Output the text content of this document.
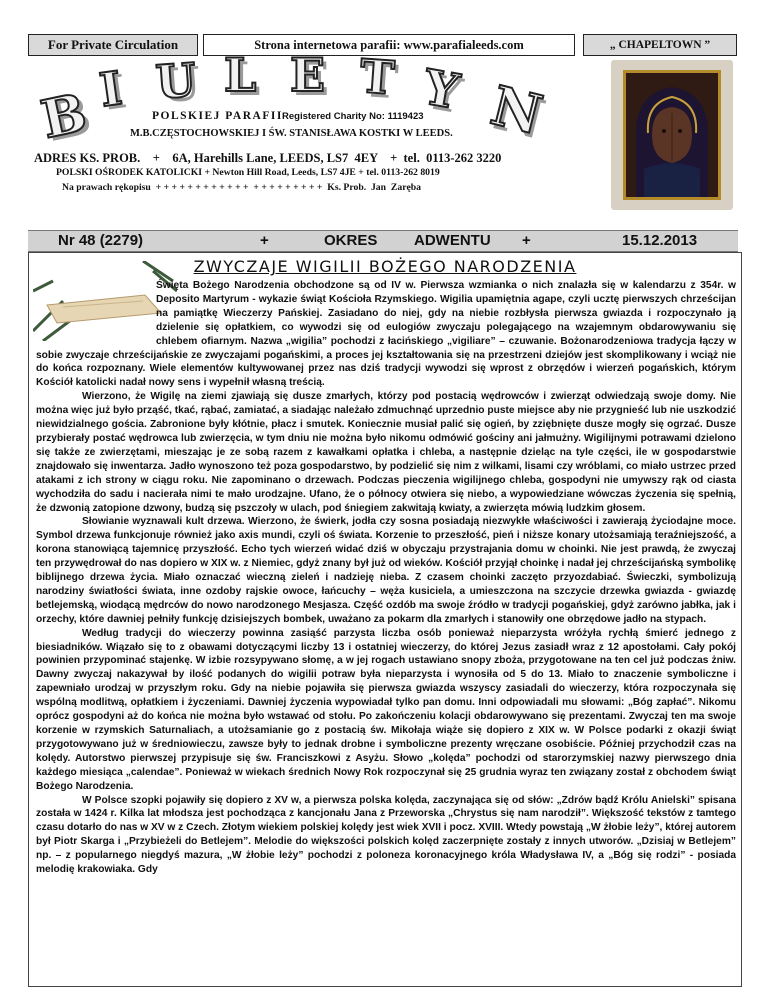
For Private Circulation	Strona internetowa parafii: www.parafialeeds.com	„ CHAPELTOWN ”
B I U L E T Y N
POLSKIEJ PARAFII Registered Charity No: 1119423
M.B.CZĘSTOCHOWSKIEJ I ŚW. STANISŁAWA KOSTKI W LEEDS.
ADRES KS. PROB.    +    6A, Harehills Lane, LEEDS, LS7  4EY    +  tel.  0113-262 3220
POLSKI OŚRODEK KATOLICKI + Newton Hill Road, Leeds, LS7 4JE + tel. 0113-262 8019
Na prawach rękopisu  + + + + + + + + + + + +  + + + + + + + + +  Ks. Prob.  Jan  Zaręba
Nr 48 (2279)	+	OKRES ADWENTU +	15.12.2013
ZWYCZAJE WIGILII BOŻEGO NARODZENIA

Święta Bożego Narodzenia obchodzone są od IV w. Pierwsza wzmianka o nich znalazła się w kalendarzu z 354r. w Deposito Martyrum - wykazie świąt Kościoła Rzymskiego. Wigilia upamiętnia agape, czyli ucztę pierwszych chrześcijan na pamiątkę Wieczerzy Pańskiej. Zasiadano do niej, gdy na niebie rozbłysła pierwsza gwiazda i rozpoczynało ją dzielenie się opłatkiem, co wywodzi się od eulogiów zwyczaju polegającego na wzajemnym obdarowywaniu się chlebem ofiarnym. Nazwa „wigilia” pochodzi z łacińskiego „vigiliare” – czuwanie. Bożonarodzeniowa tradycja łączy w sobie zwyczaje chrześcijańskie ze zwyczajami pogańskimi, a proces jej kształtowania się na przestrzeni dziejów jest skomplikowany i wciąż nie do końca rozpoznany. Wiele elementów kultywowanej przez nas dziś tradycji wywodzi się wprost z obrzędów i wierzeń pogańskich, którym Kościół katolicki nadał nowy sens i wypełnił własną treścią.

Wierzono, że Wigilę na ziemi zjawiają się dusze zmarłych, którzy pod postacią wędrowców i zwierząt odwiedzają swoje domy. Nie można więc już było prząść, tkać, rąbać, zamiatać, a siadając należało zdmuchnąć uprzednio puste miejsce aby nie przygnieść lub nie uszkodzić niewidzialnego gościa. Zabronione były kłótnie, płacz i smutek. Koniecznie musiał palić się ogień, by zziębnięte dusze mogły się ogrzać. Dusze przybierały postać wędrowca lub zwierzęcia, w tym dniu nie można było nikomu odmówić gościny ani jałmużny. Wigilijnymi potrawami dzielono się także ze zwierzętami, mieszając je ze sobą razem z kawałkami opłatka i chleba, a następnie dzieląc na tyle części, ile w gospodarstwie znajdowało się inwentarza. Jadło wynoszono też poza gospodarstwo, by podzielić się nim z wilkami, lisami czy wróblami, co miało ustrzec przed atakami z ich strony w ciągu roku. Nie zapominano o drzewach. Podczas pieczenia wigilijnego chleba, gospodyni nie umywszy rąk od ciasta wychodziła do sadu i nacierała nimi te mało urodzajne. Ufano, że o północy otwiera się niebo, a wypowiedziane wówczas życzenia się spełnią, że dzwonią zatopione dzwony, budzą się pszczoły w ulach, pod śniegiem zakwitają kwiaty, a zwierzęta mówią ludzkim głosem.

Słowianie wyznawali kult drzewa. Wierzono, że świerk, jodła czy sosna posiadają niezwykłe właściwości i zawierają życiodajne moce. Symbol drzewa funkcjonuje również jako axis mundi, czyli oś świata. Korzenie to przeszłość, pień i niższe konary utożsamiają teraźniejszość, a korona stanowiącą tajemnicę przyszłość. Echo tych wierzeń widać dziś w obyczaju przystrajania domu w choinki. Nie jest prawdą, że zwyczaj ten przywędrował do nas dopiero w XIX w. z Niemiec, gdyż znany był już od wieków. Kościół przyjął choinkę i nadał jej chrześcijańską symbolikę biblijnego drzewa życia. Miało oznaczać wieczną zieleń i nadzieję nieba. Z czasem choinki zaczęto przyozdabiać. Świeczki, symbolizują narodziny światłości świata, inne ozdoby rajskie owoce, łańcuchy – węża kusiciela, a umieszczona na szczycie drzewka gwiazda - gwiazdę betlejemską, wiodącą mędrców do nowo narodzonego Mesjasza. Część ozdób ma swoje źródło w tradycji pogańskiej, gdyż zarówno jabłka, jak i orzechy, które dawniej pełniły funkcję dzisiejszych bombek, uważano za pokarm dla zmarłych i stanowiły one obrzędowe jadło na stypach.

Według tradycji do wieczerzy powinna zasiąść parzysta liczba osób ponieważ nieparzysta wróżyła rychłą śmierć jednego z biesiadników. Wiązało się to z obawami dotyczącymi liczby 13 i ostatniej wieczerzy, do której Jezus zasiadł wraz z 12 apostołami. Cały pokój powinien przypominać stajenkę. W izbie rozsypywano słomę, a w jej rogach ustawiano snopy zboża, przygotowane na ten cel już podczas żniw. Dawny zwyczaj nakazywał by ilość podanych do wigilii potraw była nieparzysta i wynosiła od 5 do 13. Miało to znaczenie symboliczne i zapewniało urodzaj w przyszłym roku. Gdy na niebie pojawiła się pierwsza gwiazda wszyscy zasiadali do wieczerzy, która rozpoczynała się wspólną modlitwą, opłatkiem i życzeniami. Dawniej życzenia wypowiadał tylko pan domu. Inni odpowiadali mu słowami: „Bóg zapłać”. Nikomu oprócz gospodyni aż do końca nie można było wstawać od stołu. Po zakończeniu kolacji obdarowywano się prezentami. Zwyczaj ten ma swoje korzenie w rzymskich Saturnaliach, a utożsamianie go z postacią św. Mikołaja wiąże się dopiero z XIX w. W Polsce podarki z okazji świąt przygotowywano już w średniowieczu, zawsze były to jednak drobne i symboliczne prezenty wręczane osobiście. Później przychodził czas na kolędy. Autorstwo pierwszej przypisuje się św. Franciszkowi z Asyżu. Słowo „kolęda” pochodzi od starorzymskiej nazwy pierwszego dnia każdego miesiąca „calendae”. Ponieważ w wiekach średnich Nowy Rok rozpoczynał się 25 grudnia wyraz ten związany został z obchodem świąt Bożego Narodzenia.

W Polsce szopki pojawiły się dopiero z XV w, a pierwsza polska kolęda, zaczynająca się od słów: „Zdrów bądź Królu Anielski” spisana została w 1424 r. Kilka lat młodsza jest pochodząca z kancjonału Jana z Przeworska „Chrystus się nam narodził”. Większość tekstów z tamtego czasu dotarło do nas w XV w z Czech. Złotym wiekiem polskiej kolędy jest wiek XVII i pocz. XVIII. Wtedy powstają „W żłobie leży”, której autorem był Piotr Skarga i „Przybieżeli do Betlejem”. Melodie do większości polskich kolęd zaczerpnięte zostały z innych utworów. „Dzisiaj w Betlejem” np. – z popularnego niegdyś mazura, „W żłobie leży” pochodzi z poloneza koronacyjnego króla Władysława IV, a „Bóg się rodzi” - posiada melodię krakowiaka. Gdy
